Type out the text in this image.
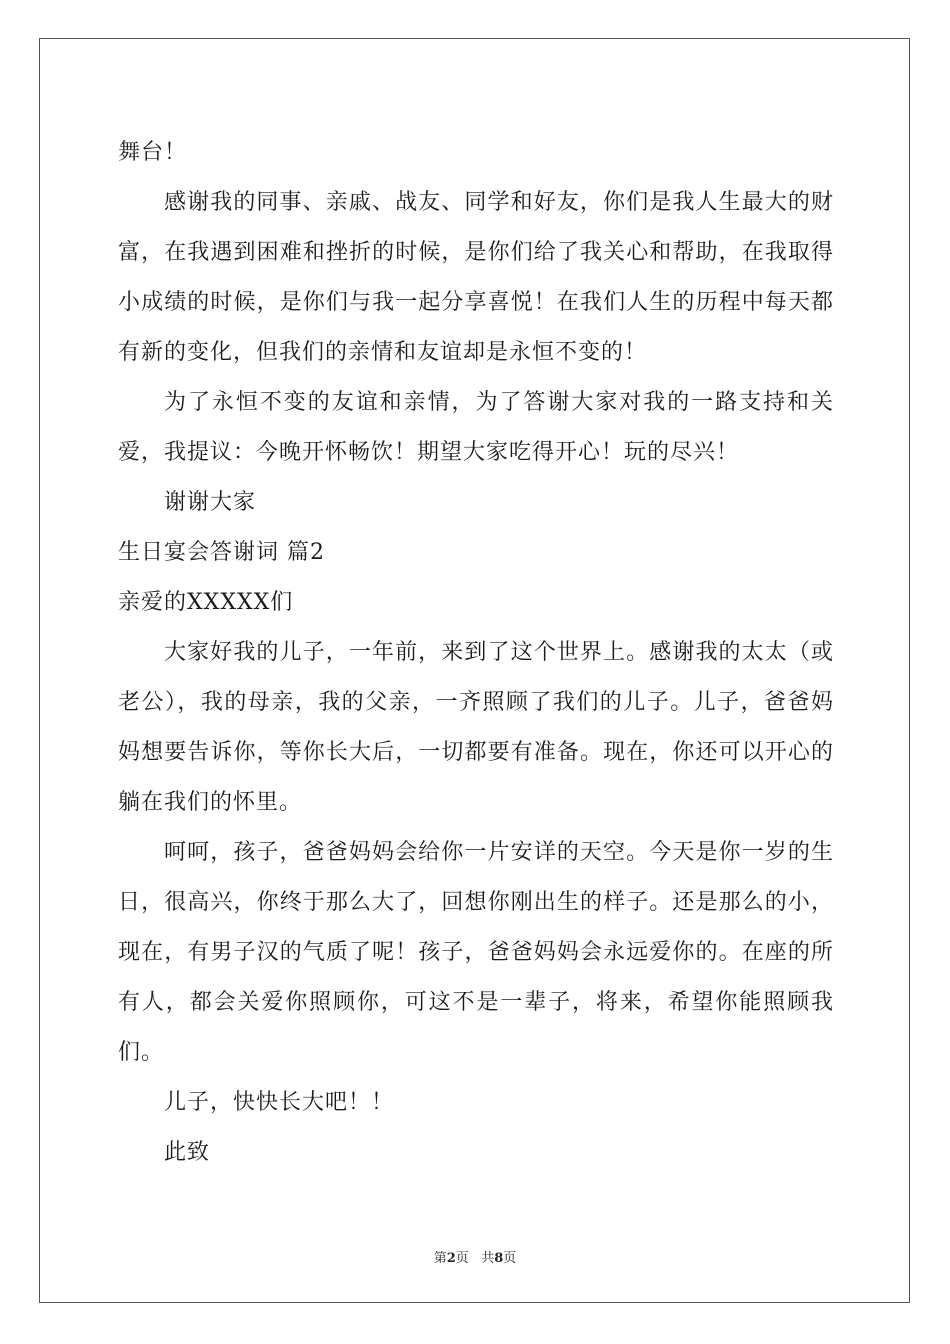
舞台！

感谢我的同事、亲戚、战友、同学和好友，你们是我人生最大的财富，在我遇到困难和挫折的时候，是你们给了我关心和帮助，在我取得小成绩的时候，是你们与我一起分享喜悦！在我们人生的历程中每天都有新的变化，但我们的亲情和友谊却是永恒不变的！

为了永恒不变的友谊和亲情，为了答谢大家对我的一路支持和关爱，我提议：今晚开怀畅饮！期望大家吃得开心！玩的尽兴！

谢谢大家

生日宴会答谢词 篇2

亲爱的XXXXX们

大家好我的儿子，一年前，来到了这个世界上。感谢我的太太（或老公），我的母亲，我的父亲，一齐照顾了我们的儿子。儿子，爸爸妈妈想要告诉你，等你长大后，一切都要有准备。现在，你还可以开心的躺在我们的怀里。

呵呵，孩子，爸爸妈妈会给你一片安详的天空。今天是你一岁的生日，很高兴，你终于那么大了，回想你刚出生的样子。还是那么的小，现在，有男子汉的气质了呢！孩子，爸爸妈妈会永远爱你的。在座的所有人，都会关爱你照顾你，可这不是一辈子，将来，希望你能照顾我们。

儿子，快快长大吧！！

此致

第2页 共8页
